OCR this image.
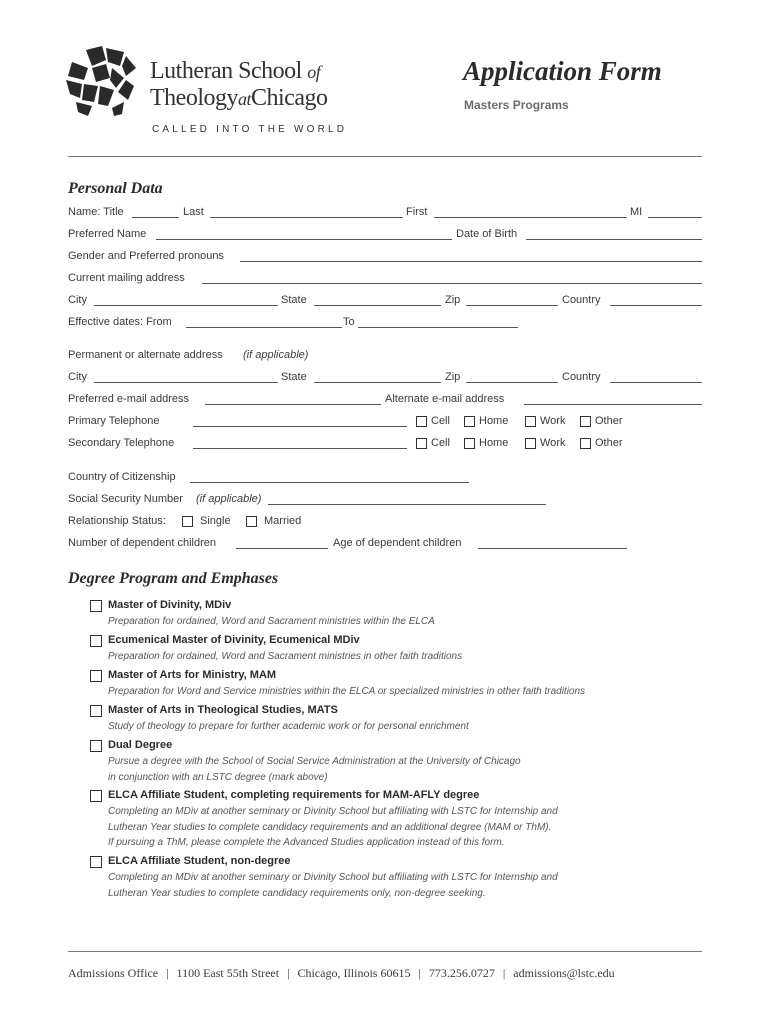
Lutheran School of
TheologyatChicago
CALLED INTO THE WORLD
Application Form
Masters Programs
Personal Data
Name: Title	Last	First	MI
Preferred Name	Date of Birth
Gender and Preferred pronouns
Current mailing address
City	State	Zip	Country
Effective dates: From	To
Permanent or alternate address (if applicable)
City	State	Zip	Country
Preferred e-mail address	Alternate e-mail address
Primary Telephone	Cell	Home	Work	Other
Secondary Telephone	Cell	Home	Work	Other
Country of Citizenship
Social Security Number (if applicable)
Relationship Status:	Single	Married
Number of dependent children	Age of dependent children
Degree Program and Emphases
Master of Divinity, MDiv
Preparation for ordained, Word and Sacrament ministries within the ELCA
Ecumenical Master of Divinity, Ecumenical MDiv
Preparation for ordained, Word and Sacrament ministries in other faith traditions
Master of Arts for Ministry, MAM
Preparation for Word and Service ministries within the ELCA or specialized ministries in other faith traditions
Master of Arts in Theological Studies, MATS
Study of theology to prepare for further academic work or for personal enrichment
Dual Degree
Pursue a degree with the School of Social Service Administration at the University of Chicago
in conjunction with an LSTC degree (mark above)
ELCA Affiliate Student, completing requirements for MAM-AFLY degree
Completing an MDiv at another seminary or Divinity School but affiliating with LSTC for Internship and
Lutheran Year studies to complete candidacy requirements and an additional degree (MAM or ThM).
If pursuing a ThM, please complete the Advanced Studies application instead of this form.
ELCA Affiliate Student, non-degree
Completing an MDiv at another seminary or Divinity School but affiliating with LSTC for Internship and
Lutheran Year studies to complete candidacy requirements only, non-degree seeking.
Admissions Office | 1100 East 55th Street | Chicago, Illinois 60615 | 773.256.0727 | admissions@lstc.edu
